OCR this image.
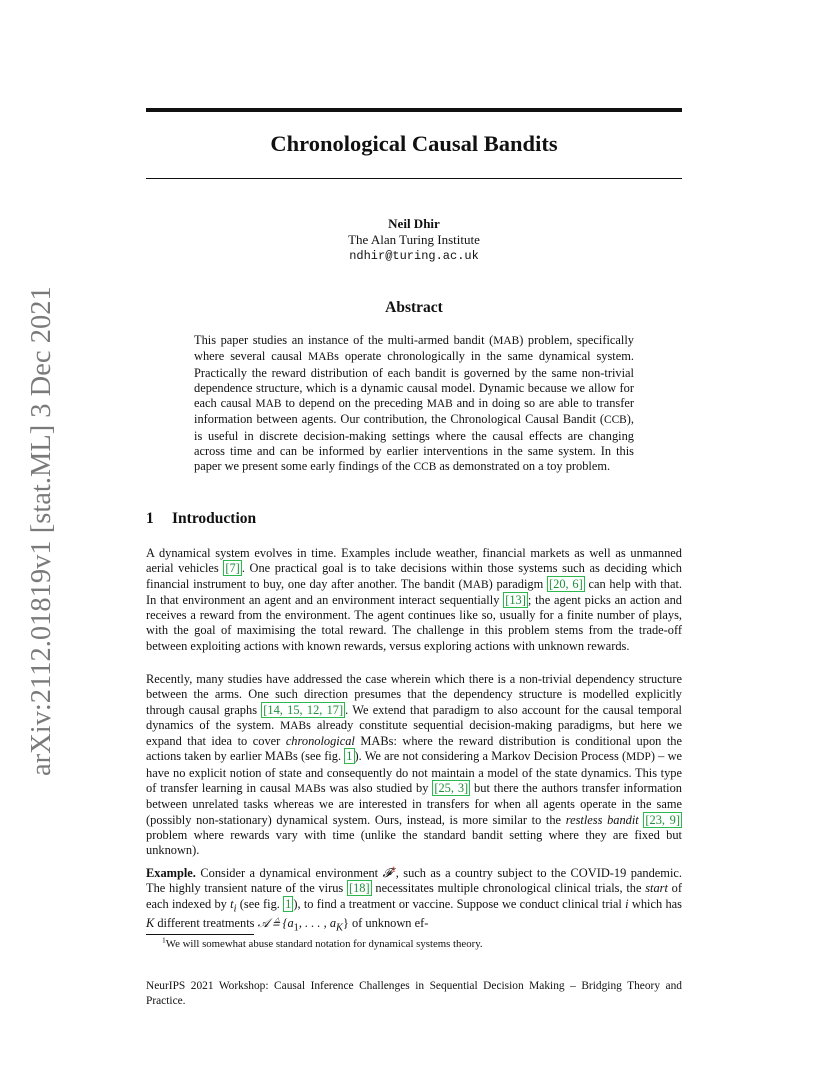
arXiv:2112.01819v1 [stat.ML] 3 Dec 2021
Chronological Causal Bandits
Neil Dhir
The Alan Turing Institute
ndhir@turing.ac.uk
Abstract

This paper studies an instance of the multi-armed bandit (MAB) problem, specifically where several causal MABs operate chronologically in the same dynamical system. Practically the reward distribution of each bandit is governed by the same non-trivial dependence structure, which is a dynamic causal model. Dynamic because we allow for each causal MAB to depend on the preceding MAB and in doing so are able to transfer information between agents. Our contribution, the Chronological Causal Bandit (CCB), is useful in discrete decision-making settings where the causal effects are changing across time and can be informed by earlier interventions in the same system. In this paper we present some early findings of the CCB as demonstrated on a toy problem.

1 Introduction

A dynamical system evolves in time. Examples include weather, financial markets as well as unmanned aerial vehicles [7] . One practical goal is to take decisions within those systems such as deciding which financial instrument to buy, one day after another. The bandit (MAB) paradigm [20, 6] can help with that. In that environment an agent and an environment interact sequentially [13] ; the agent picks an action and receives a reward from the environment. The agent continues like so, usually for a finite number of plays, with the goal of maximising the total reward. The challenge in this problem stems from the trade-off between exploiting actions with known rewards, versus exploring actions with unknown rewards.

Recently, many studies have addressed the case wherein which there is a non-trivial dependency structure between the arms. One such direction presumes that the dependency structure is modelled explicitly through causal graphs [14, 15, 12, 17] . We extend that paradigm to also account for the causal temporal dynamics of the system. MABs already constitute sequential decision-making paradigms, but here we expand that idea to cover chronological MABs: where the reward distribution is conditional upon the actions taken by earlier MABs (see fig. 1 ). We are not considering a Markov Decision Process (MDP) – we have no explicit notion of state and consequently do not maintain a model of the state dynamics. This type of transfer learning in causal MABs was also studied by [25, 3] but there the authors transfer information between unrelated tasks whereas we are interested in transfers for when all agents operate in the same (possibly non-stationary) dynamical system. Ours, instead, is more similar to the restless bandit [23, 9] problem where rewards vary with time (unlike the standard bandit setting where they are fixed but unknown).

Example. Consider a dynamical environment 𝓕$^1$, such as a country subject to the COVID-19 pandemic. The highly transient nature of the virus [18] necessitates multiple chronological clinical trials, the start of each indexed by $t_i$ (see fig. 1 ), to find a treatment or vaccine. Suppose we conduct clinical trial i which has K different treatments 𝒜 ≜ {$a_1$, . . . , $a_K$} of unknown ef-

$^1$We will somewhat abuse standard notation for dynamical systems theory.
NeurIPS 2021 Workshop: Causal Inference Challenges in Sequential Decision Making – Bridging Theory and Practice.
